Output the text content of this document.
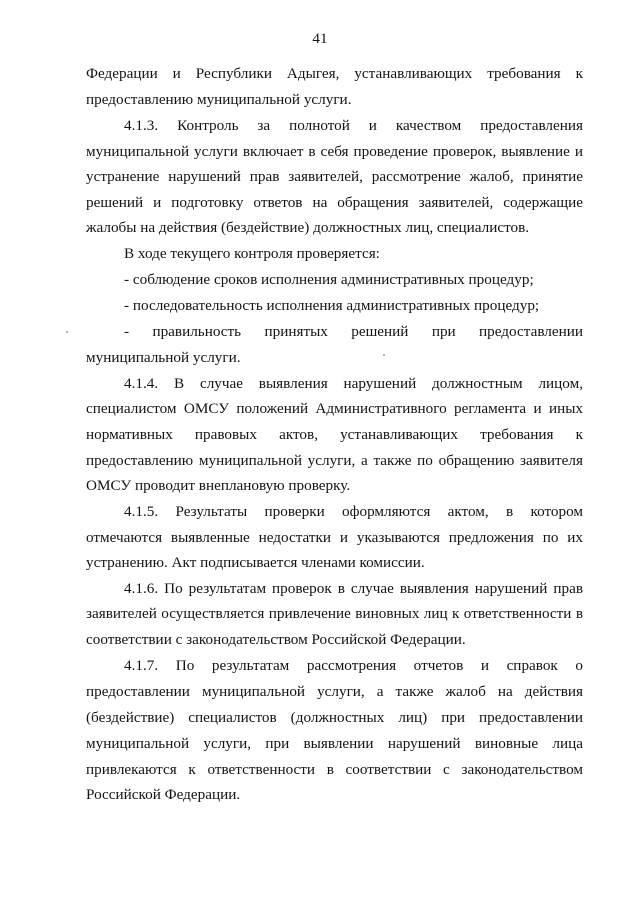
41
Федерации и Республики Адыгея, устанавливающих требования к
предоставлению муниципальной услуги.
4.1.3. Контроль за полнотой и качеством предоставления
муниципальной услуги включает в себя проведение проверок, выявление и
устранение нарушений прав заявителей, рассмотрение жалоб, принятие
решений и подготовку ответов на обращения заявителей, содержащие
жалобы на действия (бездействие) должностных лиц, специалистов.
В ходе текущего контроля проверяется:
- соблюдение сроков исполнения административных процедур;
- последовательность исполнения административных процедур;
- правильность принятых решений при предоставлении
муниципальной услуги.
4.1.4. В случае выявления нарушений должностным лицом,
специалистом ОМСУ положений Административного регламента и иных
нормативных правовых актов, устанавливающих требования к
предоставлению муниципальной услуги, а также по обращению заявителя
ОМСУ проводит внеплановую проверку.
4.1.5. Результаты проверки оформляются актом, в котором
отмечаются выявленные недостатки и указываются предложения по их
устранению. Акт подписывается членами комиссии.
4.1.6. По результатам проверок в случае выявления нарушений прав
заявителей осуществляется привлечение виновных лиц к ответственности в
соответствии с законодательством Российской Федерации.
4.1.7. По результатам рассмотрения отчетов и справок о
предоставлении муниципальной услуги, а также жалоб на действия
(бездействие) специалистов (должностных лиц) при предоставлении
муниципальной услуги, при выявлении нарушений виновные лица
привлекаются к ответственности в соответствии с законодательством
Российской Федерации.
